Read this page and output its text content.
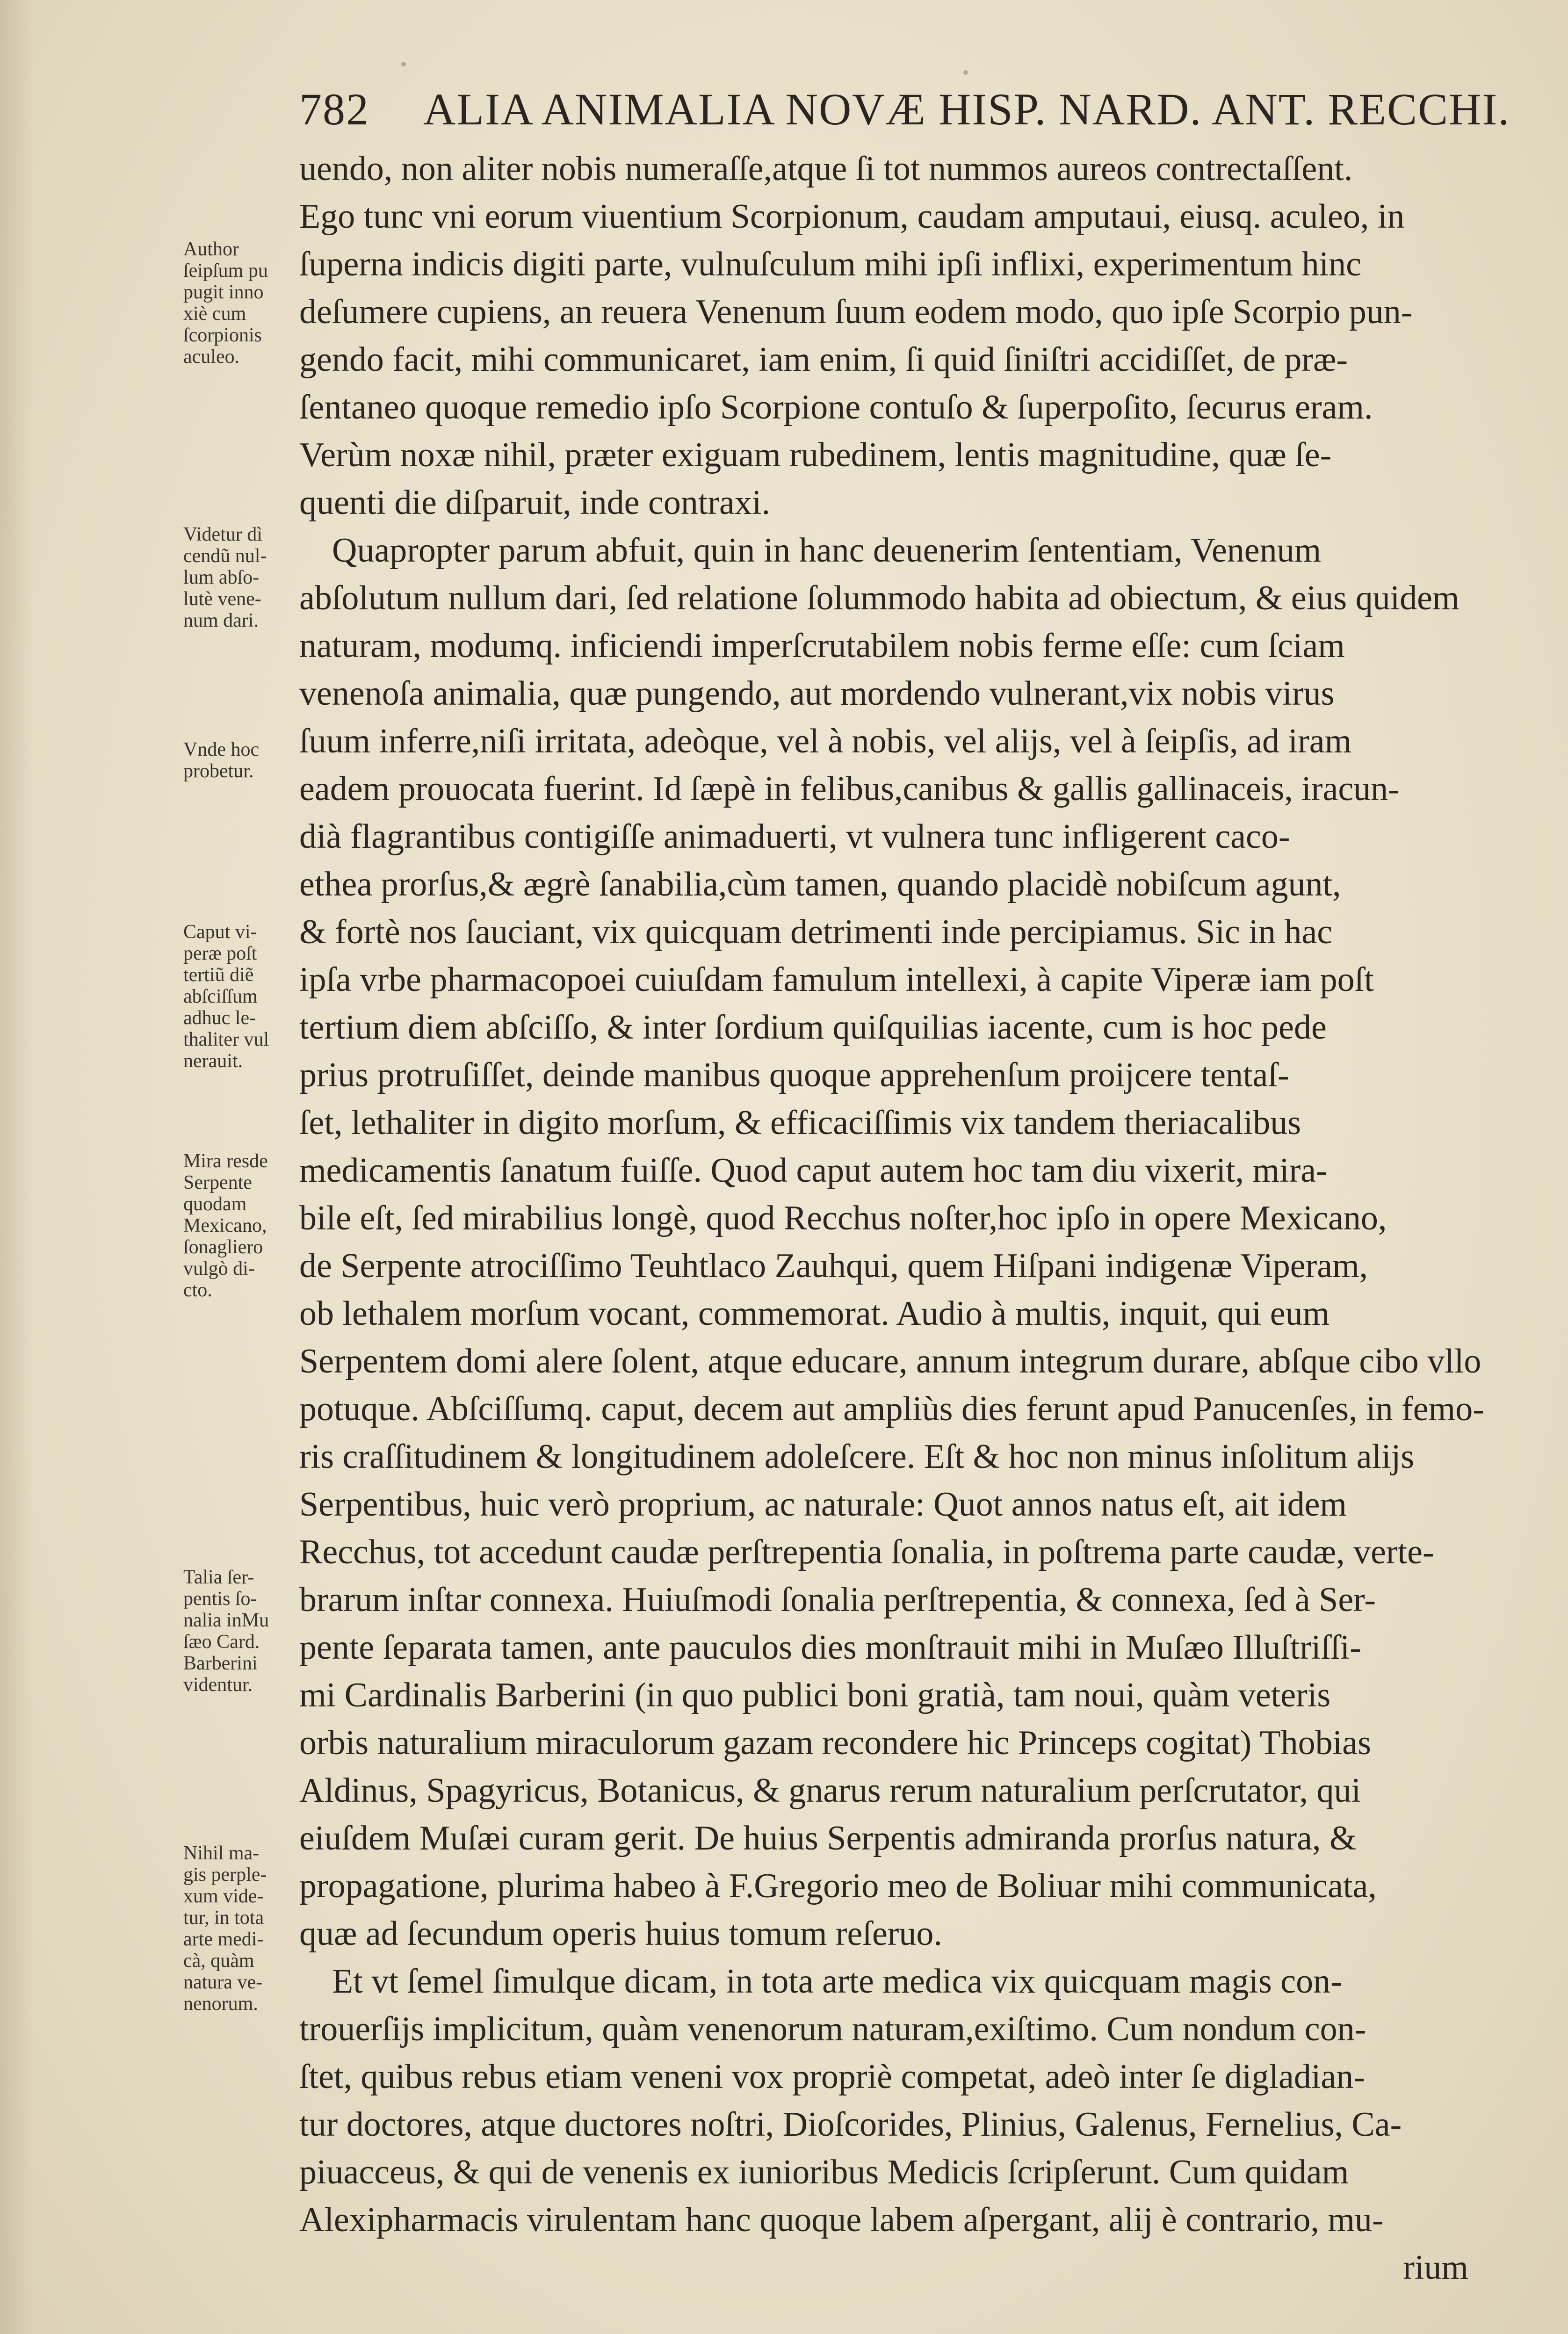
782 ALIA ANIMALIA NOVÆ HISP. NARD. ANT. RECCHI.
uendo, non aliter nobis numeraſſe,atque ſi tot nummos aureos contrectaſſent.
Ego tunc vni eorum viuentium Scorpionum, caudam amputaui, eiusq. aculeo, in
ſuperna indicis digiti parte, vulnuſculum mihi ipſi inflixi, experimentum hinc
deſumere cupiens, an reuera Venenum ſuum eodem modo, quo ipſe Scorpio pun-
gendo facit, mihi communicaret, iam enim, ſi quid ſiniſtri accidiſſet, de præ-
ſentaneo quoque remedio ipſo Scorpione contuſo & ſuperpoſito, ſecurus eram.
Verùm noxæ nihil, præter exiguam rubedinem, lentis magnitudine, quæ ſe-
quenti die diſparuit, inde contraxi.
Quapropter parum abfuit, quin in hanc deuenerim ſententiam, Venenum
abſolutum nullum dari, ſed relatione ſolummodo habita ad obiectum, & eius quidem
naturam, modumq. inficiendi imperſcrutabilem nobis ferme eſſe: cum ſciam
venenoſa animalia, quæ pungendo, aut mordendo vulnerant,vix nobis virus
ſuum inferre,niſi irritata, adeòque, vel à nobis, vel alijs, vel à ſeipſis, ad iram
eadem prouocata fuerint. Id ſæpè in felibus,canibus & gallis gallinaceis, iracun-
dià flagrantibus contigiſſe animaduerti, vt vulnera tunc infligerent caco-
ethea prorſus,& ægrè ſanabilia,cùm tamen, quando placidè nobiſcum agunt,
& fortè nos ſauciant, vix quicquam detrimenti inde percipiamus. Sic in hac
ipſa vrbe pharmacopoei cuiuſdam famulum intellexi, à capite Viperæ iam poſt
tertium diem abſciſſo, & inter ſordium quiſquilias iacente, cum is hoc pede
prius protruſiſſet, deinde manibus quoque apprehenſum proijcere tentaſ-
ſet, lethaliter in digito morſum, & efficaciſſimis vix tandem theriacalibus
medicamentis ſanatum fuiſſe. Quod caput autem hoc tam diu vixerit, mira-
bile eſt, ſed mirabilius longè, quod Recchus noſter,hoc ipſo in opere Mexicano,
de Serpente atrociſſimo Teuhtlaco Zauhqui, quem Hiſpani indigenæ Viperam,
ob lethalem morſum vocant, commemorat. Audio à multis, inquit, qui eum
Serpentem domi alere ſolent, atque educare, annum integrum durare, abſque cibo vllo
potuque. Abſciſſumq. caput, decem aut ampliùs dies ferunt apud Panucenſes, in femo-
ris craſſitudinem & longitudinem adoleſcere. Eſt & hoc non minus inſolitum alijs
Serpentibus, huic verò proprium, ac naturale: Quot annos natus eſt, ait idem
Recchus, tot accedunt caudæ perſtrepentia ſonalia, in poſtrema parte caudæ, verte-
brarum inſtar connexa. Huiuſmodi ſonalia perſtrepentia, & connexa, ſed à Ser-
pente ſeparata tamen, ante pauculos dies monſtrauit mihi in Muſæo Illuſtriſſi-
mi Cardinalis Barberini (in quo publici boni gratià, tam noui, quàm veteris
orbis naturalium miraculorum gazam recondere hic Princeps cogitat) Thobias
Aldinus, Spagyricus, Botanicus, & gnarus rerum naturalium perſcrutator, qui
eiuſdem Muſæi curam gerit. De huius Serpentis admiranda prorſus natura, &
propagatione, plurima habeo à F.Gregorio meo de Boliuar mihi communicata,
quæ ad ſecundum operis huius tomum reſeruo.
Et vt ſemel ſimulque dicam, in tota arte medica vix quicquam magis con-
trouerſijs implicitum, quàm venenorum naturam,exiſtimo. Cum nondum con-
ſtet, quibus rebus etiam veneni vox propriè competat, adeò inter ſe digladian-
tur doctores, atque ductores noſtri, Dioſcorides, Plinius, Galenus, Fernelius, Ca-
piuacceus, & qui de venenis ex iunioribus Medicis ſcripſerunt. Cum quidam
Alexipharmacis virulentam hanc quoque labem aſpergant, alij è contrario, mu-
rium
Author
ſeipſum pu
pugit inno
xiè cum
ſcorpionis
aculeo.
Videtur dì
cendũ nul-
lum abſo-
lutè vene-
num dari.
Vnde hoc
probetur.
Caput vi-
peræ poſt
tertiũ diẽ
abſciſſum
adhuc le-
thaliter vul
nerauit.
Mira resde
Serpente
quodam
Mexicano,
ſonagliero
vulgò di-
cto.
Talia ſer-
pentis ſo-
nalia inMu
ſæo Card.
Barberini
videntur.
Nihil ma-
gis perple-
xum vide-
tur, in tota
arte medi-
cà, quàm
natura ve-
nenorum.
